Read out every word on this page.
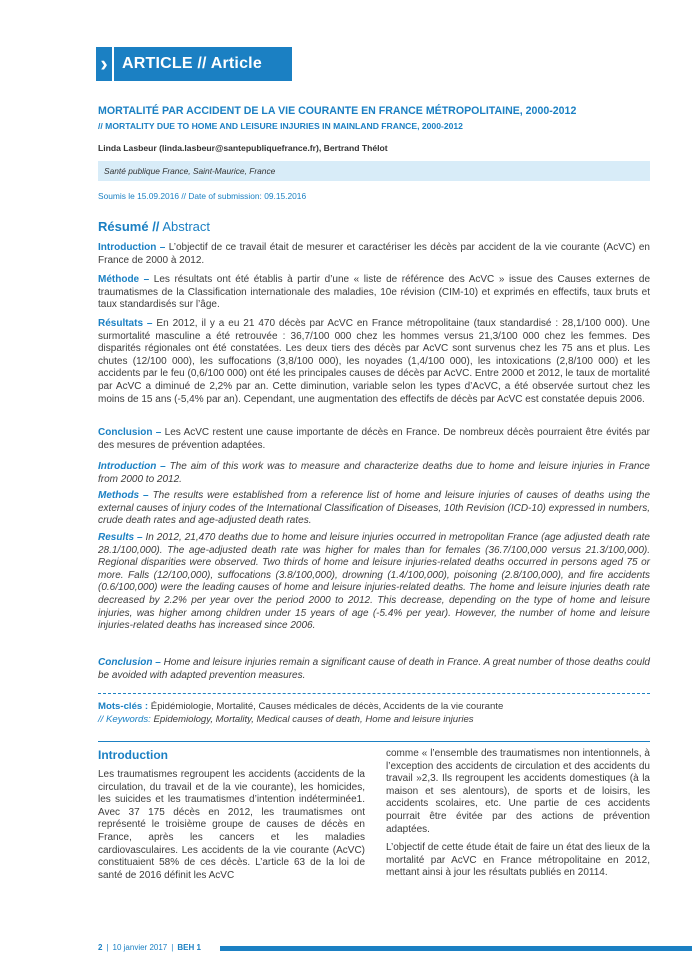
› ARTICLE // Article
MORTALITÉ PAR ACCIDENT DE LA VIE COURANTE EN FRANCE MÉTROPOLITAINE, 2000-2012
// MORTALITY DUE TO HOME AND LEISURE INJURIES IN MAINLAND FRANCE, 2000-2012
Linda Lasbeur (linda.lasbeur@santepubliquefrance.fr), Bertrand Thélot
Santé publique France, Saint-Maurice, France
Soumis le 15.09.2016 // Date of submission: 09.15.2016
Résumé // Abstract
Introduction – L’objectif de ce travail était de mesurer et caractériser les décès par accident de la vie courante (AcVC) en France de 2000 à 2012.
Méthode – Les résultats ont été établis à partir d’une « liste de référence des AcVC » issue des Causes externes de traumatismes de la Classification internationale des maladies, 10e révision (CIM-10) et exprimés en effectifs, taux bruts et taux standardisés sur l’âge.
Résultats – En 2012, il y a eu 21 470 décès par AcVC en France métropolitaine (taux standardisé : 28,1/100 000). Une surmortalité masculine a été retrouvée : 36,7/100 000 chez les hommes versus 21,3/100 000 chez les femmes. Des disparités régionales ont été constatées. Les deux tiers des décès par AcVC sont survenus chez les 75 ans et plus. Les chutes (12/100 000), les suffocations (3,8/100 000), les noyades (1,4/100 000), les intoxications (2,8/100 000) et les accidents par le feu (0,6/100 000) ont été les principales causes de décès par AcVC. Entre 2000 et 2012, le taux de mortalité par AcVC a diminué de 2,2% par an. Cette diminution, variable selon les types d’AcVC, a été observée surtout chez les moins de 15 ans (-5,4% par an). Cependant, une augmentation des effectifs de décès par AcVC est constatée depuis 2006.
Conclusion – Les AcVC restent une cause importante de décès en France. De nombreux décès pourraient être évités par des mesures de prévention adaptées.
Introduction – The aim of this work was to measure and characterize deaths due to home and leisure injuries in France from 2000 to 2012.
Methods – The results were established from a reference list of home and leisure injuries of causes of deaths using the external causes of injury codes of the International Classification of Diseases, 10th Revision (ICD-10) expressed in numbers, crude death rates and age-adjusted death rates.
Results – In 2012, 21,470 deaths due to home and leisure injuries occurred in metropolitan France (age adjusted death rate 28.1/100,000). The age-adjusted death rate was higher for males than for females (36.7/100,000 versus 21.3/100,000). Regional disparities were observed. Two thirds of home and leisure injuries-related deaths occurred in persons aged 75 or more. Falls (12/100,000), suffocations (3.8/100,000), drowning (1.4/100,000), poisoning (2.8/100,000), and fire accidents (0.6/100,000) were the leading causes of home and leisure injuries-related deaths. The home and leisure injuries death rate decreased by 2.2% per year over the period 2000 to 2012. This decrease, depending on the type of home and leisure injuries, was higher among children under 15 years of age (-5.4% per year). However, the number of home and leisure injuries-related deaths has increased since 2006.
Conclusion – Home and leisure injuries remain a significant cause of death in France. A great number of those deaths could be avoided with adapted prevention measures.
Mots-clés : Épidémiologie, Mortalité, Causes médicales de décès, Accidents de la vie courante
// Keywords: Epidemiology, Mortality, Medical causes of death, Home and leisure injuries
Introduction
Les traumatismes regroupent les accidents (accidents de la circulation, du travail et de la vie courante), les homicides, les suicides et les traumatismes d’intention indéterminée1. Avec 37 175 décès en 2012, les traumatismes ont représenté le troisième groupe de causes de décès en France, après les cancers et les maladies cardiovasculaires. Les accidents de la vie courante (AcVC) constituaient 58% de ces décès. L’article 63 de la loi de santé de 2016 définit les AcVC
comme « l’ensemble des traumatismes non intentionnels, à l’exception des accidents de circulation et des accidents du travail »2,3. Ils regroupent les accidents domestiques (à la maison et ses alentours), de sports et de loisirs, les accidents scolaires, etc. Une partie de ces accidents pourrait être évitée par des actions de prévention adaptées.
L’objectif de cette étude était de faire un état des lieux de la mortalité par AcVC en France métropolitaine en 2012, mettant ainsi à jour les résultats publiés en 20114.
2 | 10 janvier 2017 | BEH 1
